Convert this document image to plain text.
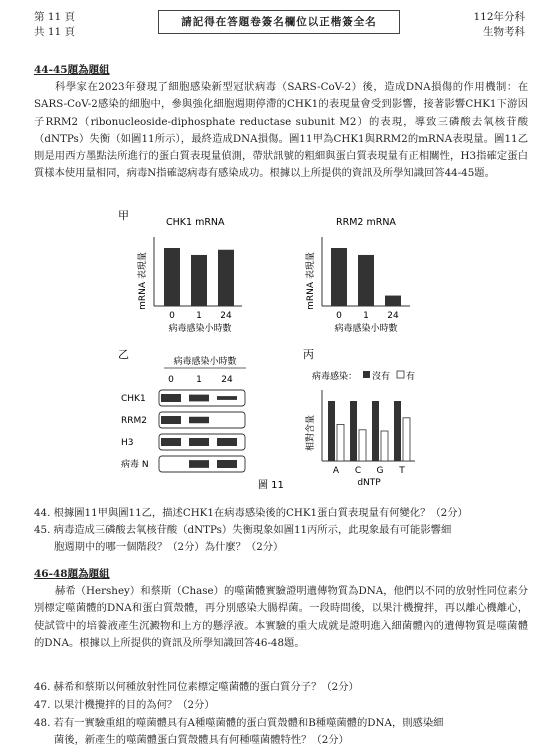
第 11 頁
共 11 頁
請記得在答題卷簽名欄位以正楷簽全名	112年分科
生物考科
44-45題為題組
科學家在2023年發現了細胞感染新型冠狀病毒（SARS-CoV-2）後，造成DNA損傷的作用機制：在SARS-CoV-2感染的細胞中，參與強化細胞週期停滯的CHK1的表現量會受到影響，接著影響CHK1下游因子RRM2（ribonucleoside-diphosphate reductase subunit M2）的表現，導致三磷酸去氧核苷酸（dNTPs）失衡（如圖11所示），最終造成DNA損傷。圖11甲為CHK1與RRM2的mRNA表現量。圖11乙則是用西方墨點法所進行的蛋白質表現量偵測，帶狀訊號的粗細與蛋白質表現量有正相關性，H3指確定蛋白質樣本使用量相同，病毒N指確認病毒有感染成功。根據以上所提供的資訊及所學知識回答44-45題。
甲
乙	丙
CHK1 mRNA
mRNA 表現量
0 1 24
病毒感染小時數
RRM2 mRNA
mRNA 表現量
0 1 24
病毒感染小時數
病毒感染小時數
0 1 24
CHK1
RRM2
H3
病毒 N
病毒感染： 沒有 有
相對含量
A C G T
dNTP
圖 11
44. 根據圖11甲與圖11乙，描述CHK1在病毒感染後的CHK1蛋白質表現量有何變化？（2分）
45. 病毒造成三磷酸去氧核苷酸（dNTPs）失衡現象如圖11丙所示，此現象最有可能影響細
胞週期中的哪一個階段？（2分）為什麼？（2分）
46-48題為題組
赫希（Hershey）和蔡斯（Chase）的噬菌體實驗證明遺傳物質為DNA，他們以不同的放射性同位素分別標定噬菌體的DNA和蛋白質殼體，再分別感染大腸桿菌。一段時間後，以果汁機攪拌，再以離心機離心，使試管中的培養液產生沉澱物和上方的懸浮液。本實驗的重大成就是證明進入細菌體內的遺傳物質是噬菌體的DNA。根據以上所提供的資訊及所學知識回答46-48題。
46. 赫希和蔡斯以何種放射性同位素標定噬菌體的蛋白質分子？（2分）
47. 以果汁機攪拌的目的為何？（2分）
48. 若有一實驗重組的噬菌體具有A種噬菌體的蛋白質殼體和B種噬菌體的DNA，則感染細
菌後，新產生的噬菌體蛋白質殼體具有何種噬菌體特性？（2分）
